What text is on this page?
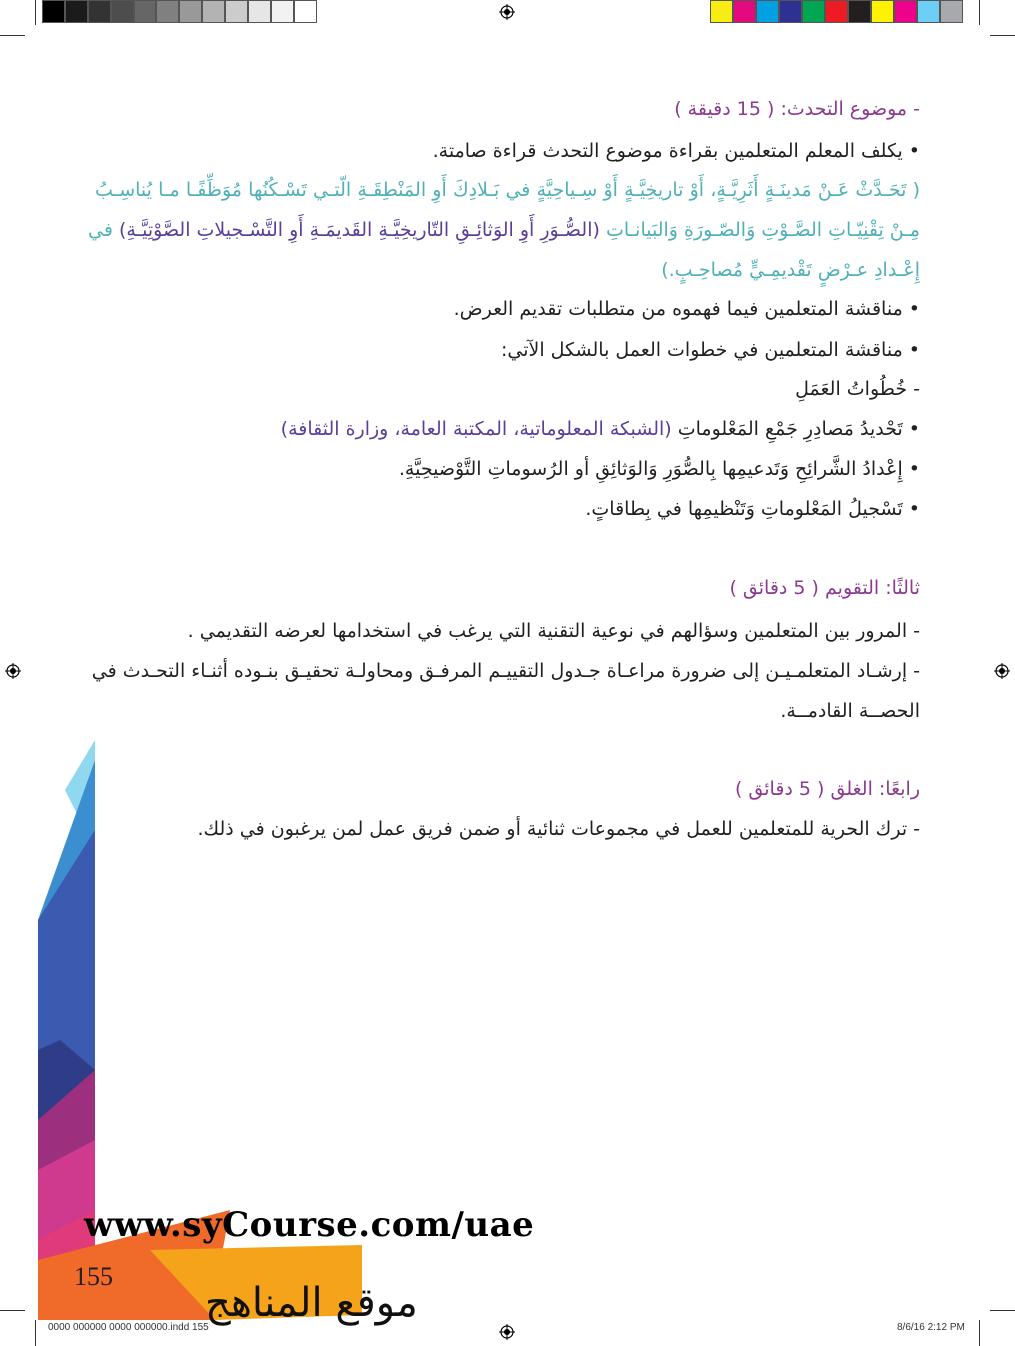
- موضوع التحدث: ( 15 دقيقة )
• يكلف المعلم المتعلمين بقراءة موضوع التحدث قراءة صامتة.
( تَحَـدَّثْ عَـنْ مَدينَـةٍ أَثَرِيَّـةٍ، أَوْ تاريخِيَّـةٍ أَوْ سِـياحِيَّةٍ في بَـلادِكَ أَوِ المَنْطِقَـةِ الّتـي تَسْـكُنُها مُوَظِّفًـا مـا يُناسِـبُ
مِـنْ تِقْنِيّـاتِ الصَّـوْتِ وَالصّـورَةِ وَالبَيانـاتِ (الصُّـوَرِ أَوِ الوَثائِـقِ التّاريخِيَّـةِ القَديمَـةِ أَوِ التَّسْـجيلاتِ الصَّوْتِيَّـةِ) في
إِعْـدادِ عـرْضٍ تَقْديمِـيٍّ مُصاحِـبٍ.)
• مناقشة المتعلمين فيما فهموه من متطلبات تقديم العرض.
• مناقشة المتعلمين في خطوات العمل بالشكل الآتي:
- خُطُواتُ العَمَلِ
• تَحْديدُ مَصادِرِ جَمْعِ المَعْلوماتِ (الشبكة المعلوماتية، المكتبة العامة، وزارة الثقافة)
• إِعْدادُ الشَّرائِحِ وَتَدعيمِها بِالصُّوَرِ وَالوَثائِقِ أو الرُسوماتِ التَّوْضيحِيَّةِ.
• تَسْجيلُ المَعْلوماتِ وَتَنْظيمِها في بِطاقاتٍ.
ثالثًا: التقويم ( 5 دقائق )
- المرور بين المتعلمين وسؤالهم في نوعية التقنية التي يرغب في استخدامها لعرضه التقديمي .
- إرشـاد المتعلمـيـن إلى ضرورة مراعـاة جـدول التقييـم المرفـق ومحاولـة تحقيـق بنـوده أثنـاء التحـدث في
الحصــة القادمــة.
رابعًا: الغلق ( 5 دقائق )
- ترك الحرية للمتعلمين للعمل في مجموعات ثنائية أو ضمن فريق عمل لمن يرغبون في ذلك.
www.syCourse.com/uae
155
موقع المناهج
0000 000000 0000 000000.indd 155	8/6/16 2:12 PM
